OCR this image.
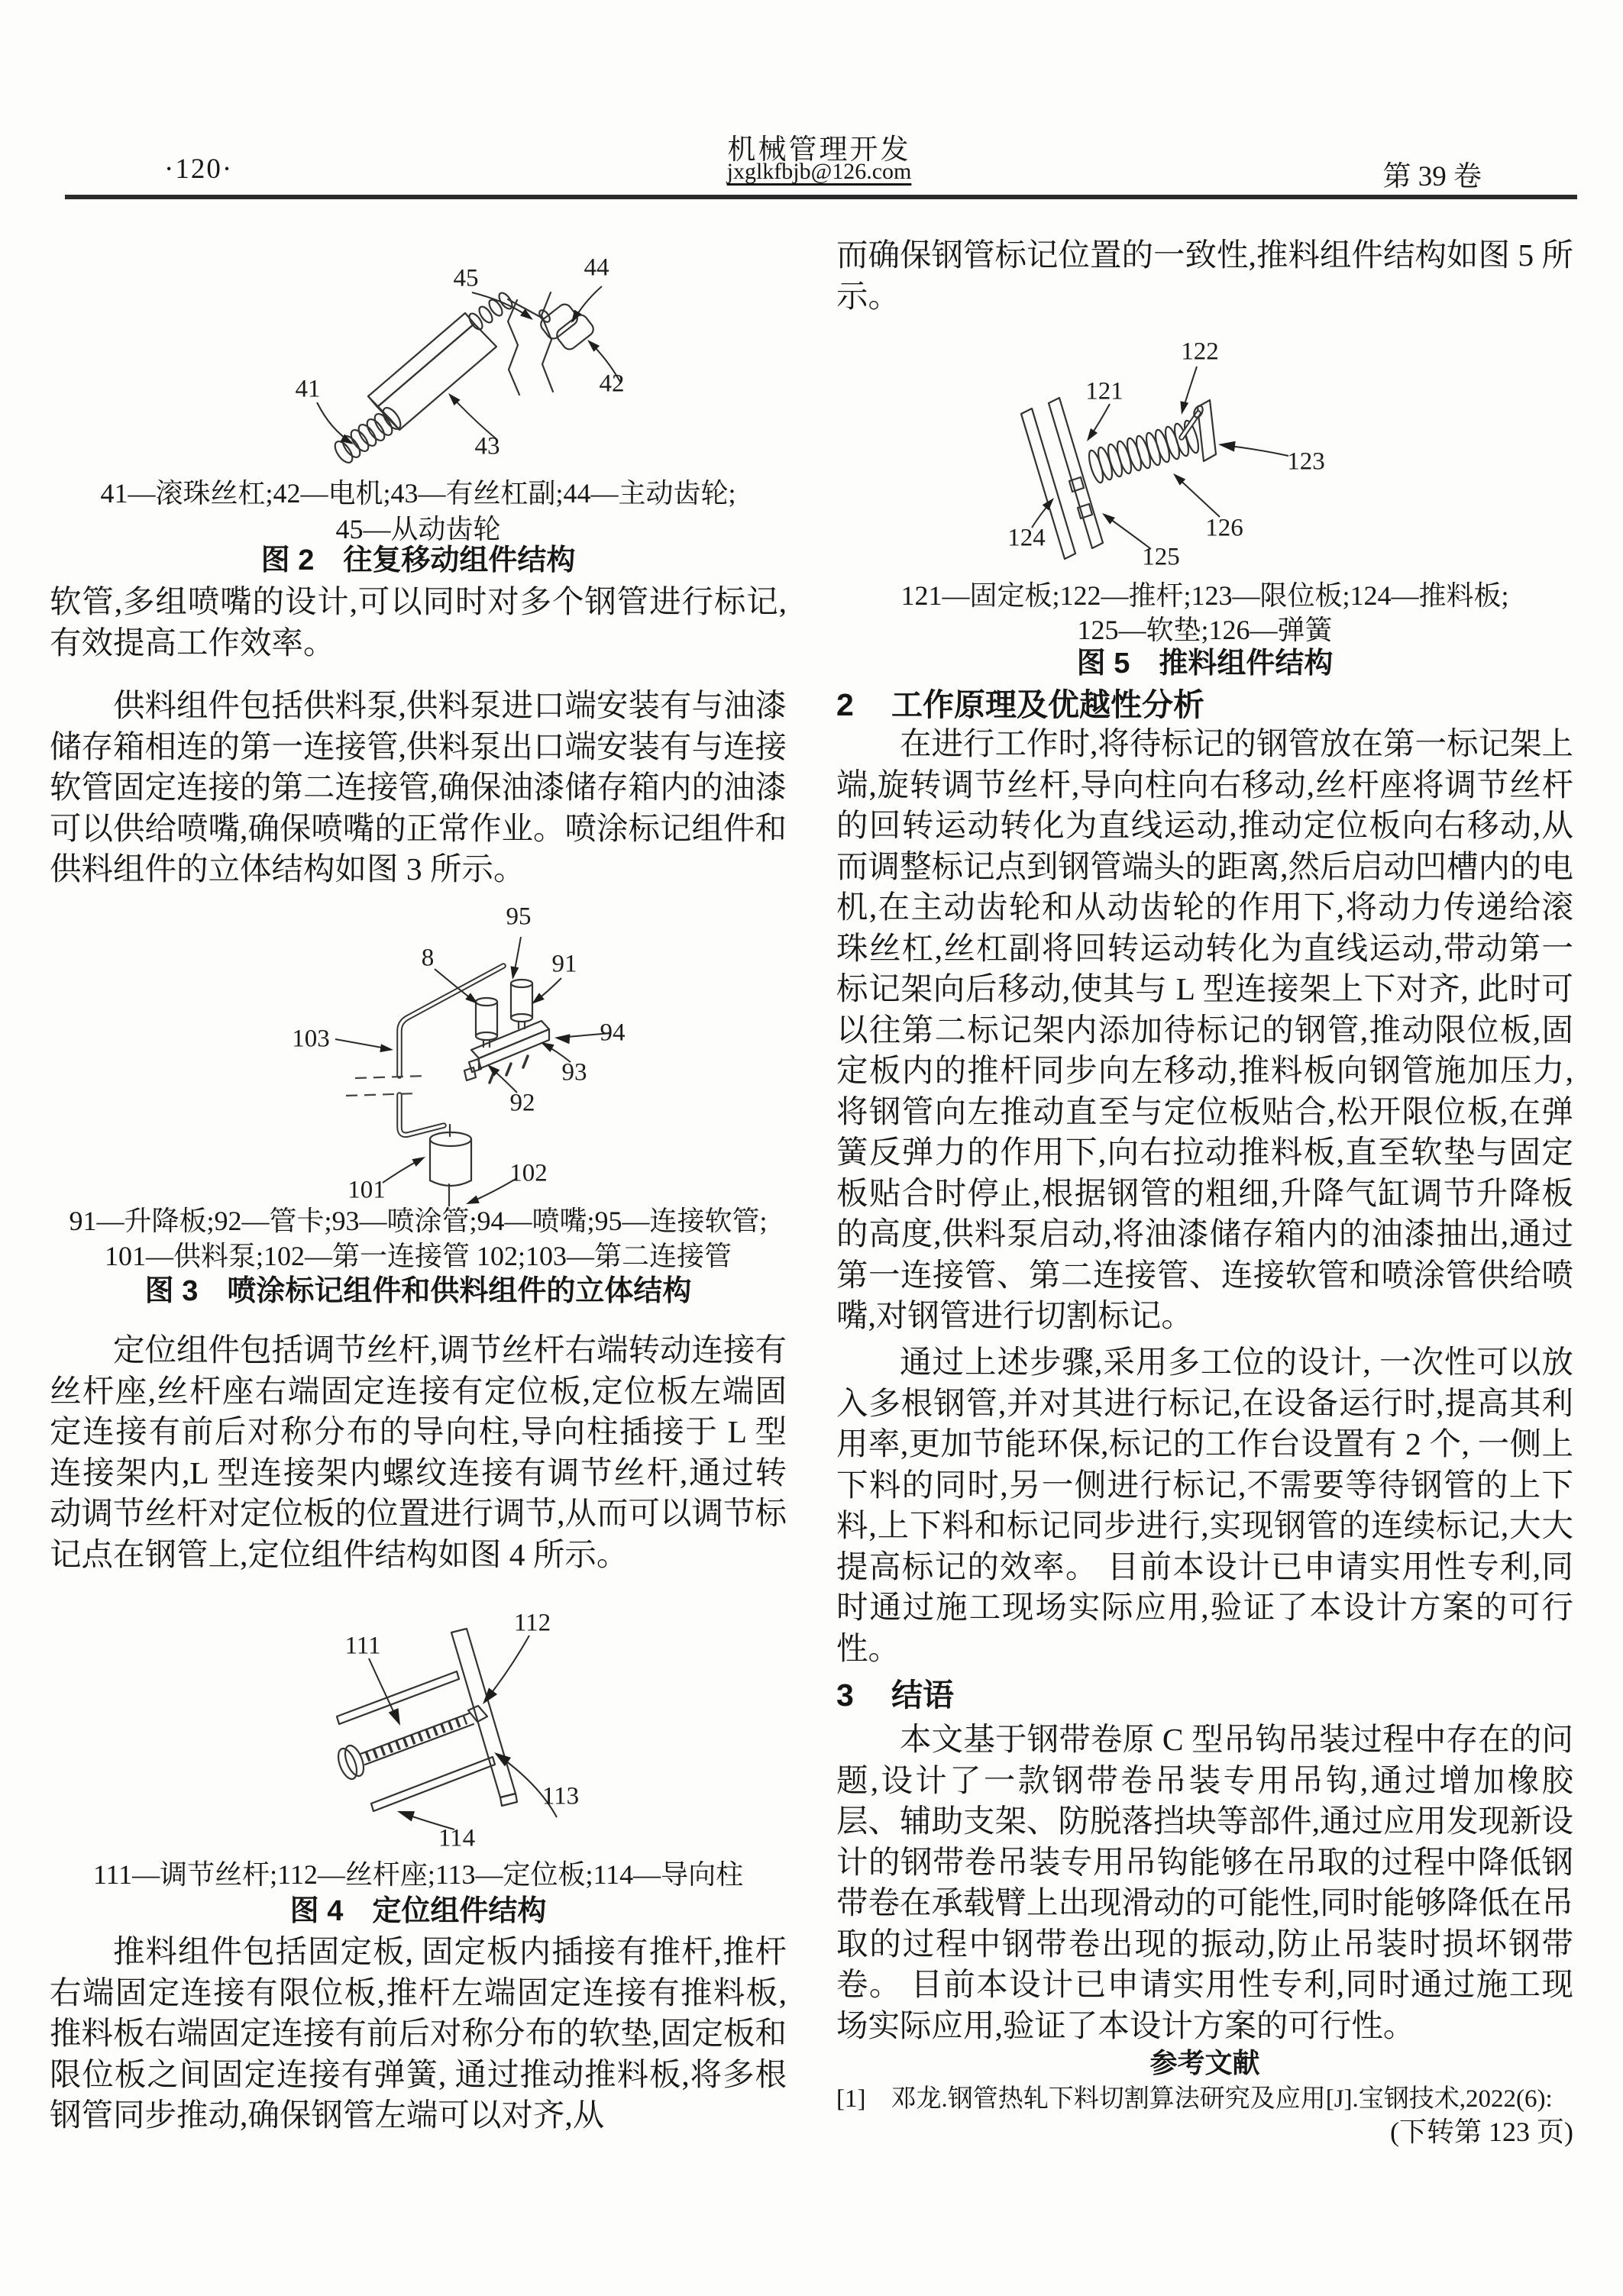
·120·
机械管理开发
jxglkfbjb@126.com	第 39 卷
45	44
41	42
43
41—滚珠丝杠;42—电机;43—有丝杠副;44—主动齿轮;
45—从动齿轮
图 2　往复移动组件结构
软管,多组喷嘴的设计,可以同时对多个钢管进行标记,有效提高工作效率。
供料组件包括供料泵,供料泵进口端安装有与油漆储存箱相连的第一连接管,供料泵出口端安装有与连接软管固定连接的第二连接管,确保油漆储存箱内的油漆可以供给喷嘴,确保喷嘴的正常作业。喷涂标记组件和供料组件的立体结构如图 3 所示。
95
8	91
103	94
93
92
101
102
91—升降板;92—管卡;93—喷涂管;94—喷嘴;95—连接软管;
101—供料泵;102—第一连接管 102;103—第二连接管
图 3　喷涂标记组件和供料组件的立体结构
定位组件包括调节丝杆,调节丝杆右端转动连接有丝杆座,丝杆座右端固定连接有定位板,定位板左端固定连接有前后对称分布的导向柱,导向柱插接于 L 型连接架内,L 型连接架内螺纹连接有调节丝杆,通过转动调节丝杆对定位板的位置进行调节,从而可以调节标记点在钢管上,定位组件结构如图 4 所示。
111
112
113
114
111—调节丝杆;112—丝杆座;113—定位板;114—导向柱
图 4　定位组件结构
推料组件包括固定板, 固定板内插接有推杆,推杆右端固定连接有限位板,推杆左端固定连接有推料板, 推料板右端固定连接有前后对称分布的软垫,固定板和限位板之间固定连接有弹簧, 通过推动推料板,将多根钢管同步推动,确保钢管左端可以对齐,从
而确保钢管标记位置的一致性,推料组件结构如图 5 所示。
121
122
123
124
125
126
121—固定板;122—推杆;123—限位板;124—推料板;
125—软垫;126—弹簧
图 5　推料组件结构
2 工作原理及优越性分析
在进行工作时,将待标记的钢管放在第一标记架上端,旋转调节丝杆,导向柱向右移动,丝杆座将调节丝杆的回转运动转化为直线运动,推动定位板向右移动,从而调整标记点到钢管端头的距离,然后启动凹槽内的电机,在主动齿轮和从动齿轮的作用下,将动力传递给滚珠丝杠,丝杠副将回转运动转化为直线运动,带动第一标记架向后移动,使其与 L 型连接架上下对齐, 此时可以往第二标记架内添加待标记的钢管,推动限位板,固定板内的推杆同步向左移动,推料板向钢管施加压力,将钢管向左推动直至与定位板贴合,松开限位板,在弹簧反弹力的作用下,向右拉动推料板,直至软垫与固定板贴合时停止,根据钢管的粗细,升降气缸调节升降板的高度,供料泵启动,将油漆储存箱内的油漆抽出,通过第一连接管、第二连接管、连接软管和喷涂管供给喷嘴,对钢管进行切割标记。
通过上述步骤,采用多工位的设计, 一次性可以放入多根钢管,并对其进行标记,在设备运行时,提高其利用率,更加节能环保,标记的工作台设置有 2 个, 一侧上下料的同时,另一侧进行标记,不需要等待钢管的上下料,上下料和标记同步进行,实现钢管的连续标记,大大提高标记的效率。 目前本设计已申请实用性专利,同时通过施工现场实际应用,验证了本设计方案的可行性。
3 结语
本文基于钢带卷原 C 型吊钩吊装过程中存在的问题,设计了一款钢带卷吊装专用吊钩,通过增加橡胶层、辅助支架、防脱落挡块等部件,通过应用发现新设计的钢带卷吊装专用吊钩能够在吊取的过程中降低钢带卷在承载臂上出现滑动的可能性,同时能够降低在吊取的过程中钢带卷出现的振动,防止吊装时损坏钢带卷。 目前本设计已申请实用性专利,同时通过施工现场实际应用,验证了本设计方案的可行性。
参考文献
[1]　邓龙.钢管热轧下料切割算法研究及应用[J].宝钢技术,2022(6):
(下转第 123 页)
